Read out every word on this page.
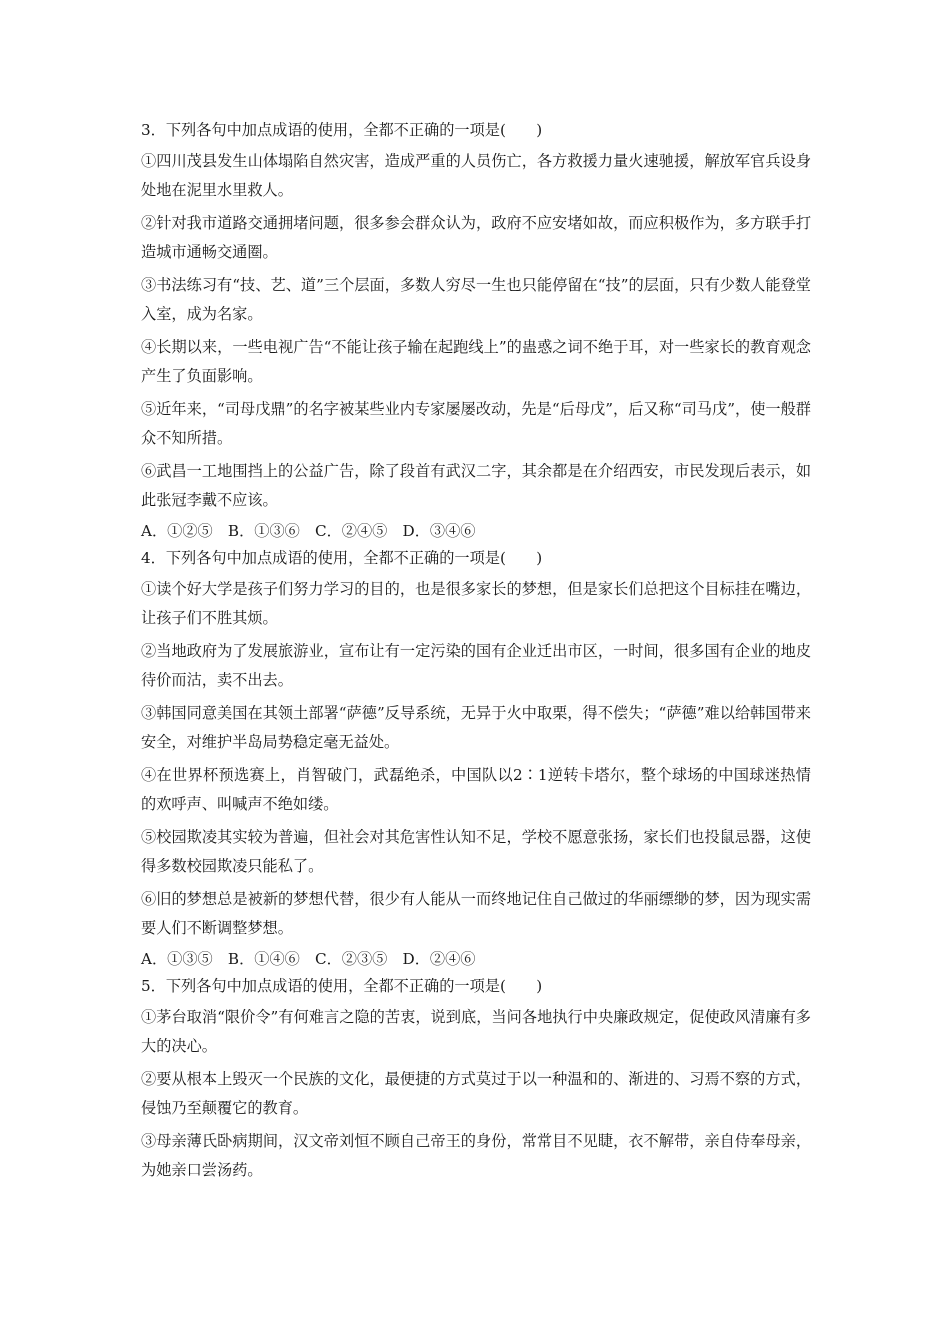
3．下列各句中加点成语的使用，全都不正确的一项是(　　)

①四川茂县发生山体塌陷自然灾害，造成严重的人员伤亡，各方救援力量火速驰援，解放军官兵设身处地在泥里水里救人。

②针对我市道路交通拥堵问题，很多参会群众认为，政府不应安堵如故，而应积极作为，多方联手打造城市通畅交通圈。

③书法练习有“技、艺、道”三个层面，多数人穷尽一生也只能停留在“技”的层面，只有少数人能登堂入室，成为名家。

④长期以来，一些电视广告“不能让孩子输在起跑线上”的蛊惑之词不绝于耳，对一些家长的教育观念产生了负面影响。

⑤近年来，“司母戊鼎”的名字被某些业内专家屡屡改动，先是“后母戊”，后又称“司马戊”，使一般群众不知所措。

⑥武昌一工地围挡上的公益广告，除了段首有武汉二字，其余都是在介绍西安，市民发现后表示，如此张冠李戴不应该。

A．①②⑤　B．①③⑥　C．②④⑤　D．③④⑥

4．下列各句中加点成语的使用，全都不正确的一项是(　　)

①读个好大学是孩子们努力学习的目的，也是很多家长的梦想，但是家长们总把这个目标挂在嘴边，让孩子们不胜其烦。

②当地政府为了发展旅游业，宣布让有一定污染的国有企业迁出市区，一时间，很多国有企业的地皮待价而沽，卖不出去。

③韩国同意美国在其领土部署“萨德”反导系统，无异于火中取栗，得不偿失；“萨德”难以给韩国带来安全，对维护半岛局势稳定毫无益处。

④在世界杯预选赛上，肖智破门，武磊绝杀，中国队以2∶1逆转卡塔尔，整个球场的中国球迷热情的欢呼声、叫喊声不绝如缕。

⑤校园欺凌其实较为普遍，但社会对其危害性认知不足，学校不愿意张扬，家长们也投鼠忌器，这使得多数校园欺凌只能私了。

⑥旧的梦想总是被新的梦想代替，很少有人能从一而终地记住自己做过的华丽缥缈的梦，因为现实需要人们不断调整梦想。

A．①③⑤　B．①④⑥　C．②③⑤　D．②④⑥

5．下列各句中加点成语的使用，全都不正确的一项是(　　)

①茅台取消“限价令”有何难言之隐的苦衷，说到底，当问各地执行中央廉政规定，促使政风清廉有多大的决心。

②要从根本上毁灭一个民族的文化，最便捷的方式莫过于以一种温和的、渐进的、习焉不察的方式，侵蚀乃至颠覆它的教育。

③母亲薄氏卧病期间，汉文帝刘恒不顾自己帝王的身份，常常目不见睫，衣不解带，亲自侍奉母亲，为她亲口尝汤药。
